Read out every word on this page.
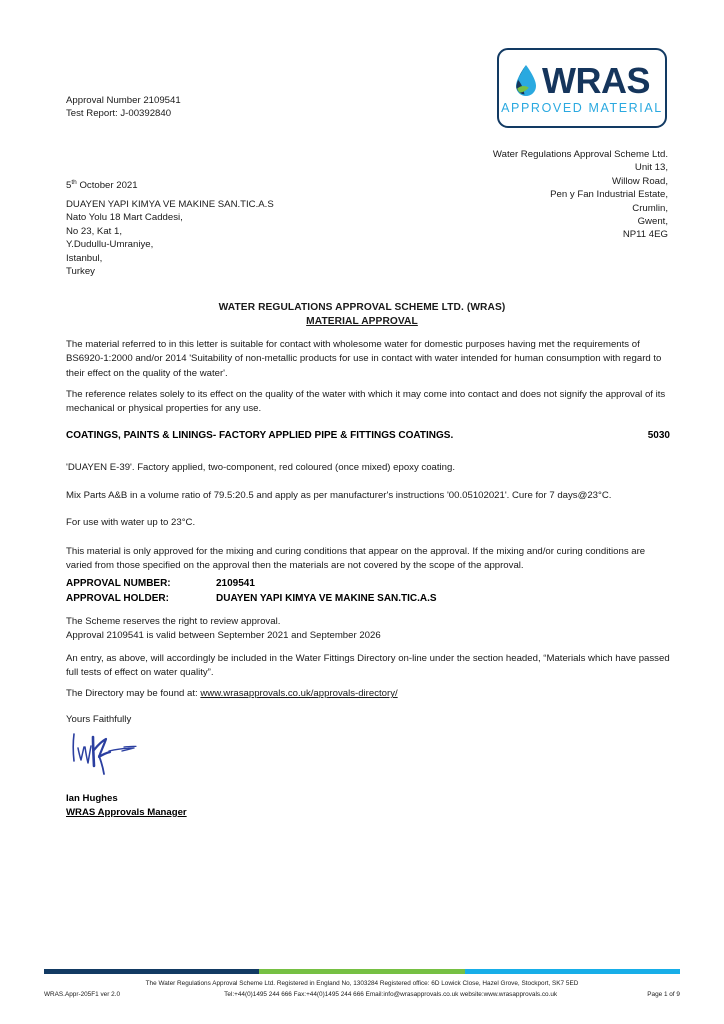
WRAS
APPROVED MATERIAL
Approval Number 2109541
Test Report: J-00392840
Water Regulations Approval Scheme Ltd.
Unit 13,
Willow Road,
Pen y Fan Industrial Estate,
Crumlin,
Gwent,
NP11 4EG
5th October 2021
DUAYEN YAPI KIMYA VE MAKINE SAN.TIC.A.S
Nato Yolu 18 Mart Caddesi,
No 23, Kat 1,
Y.Dudullu-Umraniye,
Istanbul,
Turkey
WATER REGULATIONS APPROVAL SCHEME LTD. (WRAS)
MATERIAL APPROVAL
The material referred to in this letter is suitable for contact with wholesome water for domestic purposes having met the requirements of BS6920-1:2000 and/or 2014 'Suitability of non-metallic products for use in contact with water intended for human consumption with regard to their effect on the quality of the water'.
The reference relates solely to its effect on the quality of the water with which it may come into contact and does not signify the approval of its mechanical or physical properties for any use.
COATINGS, PAINTS & LININGS- FACTORY APPLIED PIPE & FITTINGS COATINGS.	5030
'DUAYEN E-39'. Factory applied, two-component, red coloured (once mixed) epoxy coating.
Mix Parts A&B in a volume ratio of 79.5:20.5 and apply as per manufacturer's instructions '00.05102021'. Cure for 7 days@23°C.
For use with water up to 23°C.
This material is only approved for the mixing and curing conditions that appear on the approval. If the mixing and/or curing conditions are varied from those specified on the approval then the materials are not covered by the scope of the approval.
APPROVAL NUMBER:	2109541
APPROVAL HOLDER:	DUAYEN YAPI KIMYA VE MAKINE SAN.TIC.A.S
The Scheme reserves the right to review approval.
Approval 2109541 is valid between September 2021 and September 2026
An entry, as above, will accordingly be included in the Water Fittings Directory on-line under the section headed, “Materials which have passed full tests of effect on water quality”.
The Directory may be found at: www.wrasapprovals.co.uk/approvals-directory/
Yours Faithfully
Ian Hughes
WRAS Approvals Manager
The Water Regulations Approval Scheme Ltd. Registered in England No, 1303284 Registered office: 6D Lowick Close, Hazel Grove, Stockport, SK7 5ED
WRAS.Appr-205F1 ver 2.0	Tel:+44(0)1495 244 666 Fax:+44(0)1495 244 666 Email:info@wrasapprovals.co.uk website:www.wrasapprovals.co.uk	Page 1 of 9
